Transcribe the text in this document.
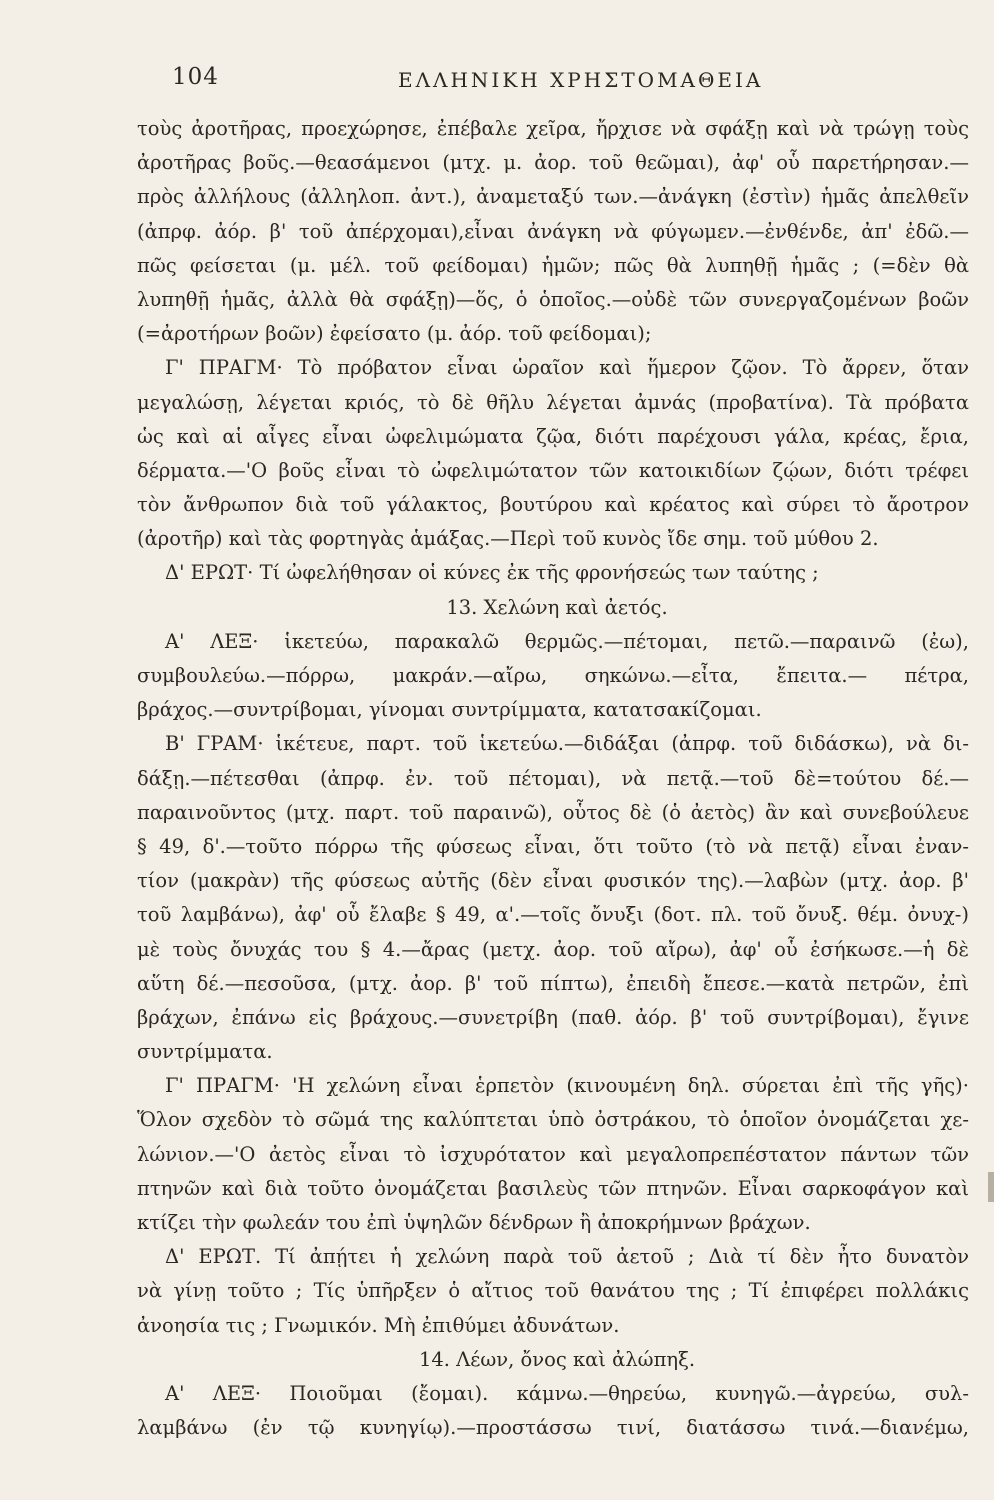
104	ΕΛΛΗΝΙΚΗ ΧΡΗΣΤΟΜΑΘΕΙΑ
τοὺς ἀροτῆρας, προεχώρησε, ἐπέβαλε χεῖρα, ἤρχισε νὰ σφάξῃ καὶ νὰ τρώγῃ τοὺς
ἀροτῆρας βοῦς.—θεασάμενοι (μτχ. μ. ἀορ. τοῦ θεῶμαι), ἀφ' οὗ παρετήρησαν.—
πρὸς ἀλλήλους (ἀλληλοπ. ἀντ.), ἀναμεταξύ των.—ἀνάγκη (ἐστὶν) ἡμᾶς ἀπελθεῖν
(ἀπρφ. ἀόρ. β' τοῦ ἀπέρχομαι),εἶναι ἀνάγκη νὰ φύγωμεν.—ἐνθένδε, ἀπ' ἐδῶ.—
πῶς φείσεται (μ. μέλ. τοῦ φείδομαι) ἡμῶν; πῶς θὰ λυπηθῇ ἡμᾶς ; (=δὲν θὰ
λυπηθῇ ἡμᾶς, ἀλλὰ θὰ σφάξῃ)—ὅς, ὁ ὁποῖος.—οὐδὲ τῶν συνεργαζομένων βοῶν
(=ἀροτήρων βοῶν) ἐφείσατο (μ. ἀόρ. τοῦ φείδομαι);
Γ' ΠΡΑΓΜ· Τὸ πρόβατον εἶναι ὡραῖον καὶ ἥμερον ζῷον. Τὸ ἄρρεν, ὅταν
μεγαλώσῃ, λέγεται κριός, τὸ δὲ θῆλυ λέγεται ἀμνάς (προβατίνα). Τὰ πρόβατα
ὡς καὶ αἱ αἶγες εἶναι ὠφελιμώματα ζῷα, διότι παρέχουσι γάλα, κρέας, ἔρια,
δέρματα.—'Ο βοῦς εἶναι τὸ ὠφελιμώτατον τῶν κατοικιδίων ζῴων, διότι τρέφει
τὸν ἄνθρωπον διὰ τοῦ γάλακτος, βουτύρου καὶ κρέατος καὶ σύρει τὸ ἄροτρον
(ἀροτῆρ) καὶ τὰς φορτηγὰς ἁμάξας.—Περὶ τοῦ κυνὸς ἴδε σημ. τοῦ μύθου 2.
Δ' ΕΡΩΤ· Τί ὠφελήθησαν οἱ κύνες ἐκ τῆς φρονήσεώς των ταύτης ;
13. Χελώνη καὶ ἀετός.
Α' ΛΕΞ· ἱκετεύω, παρακαλῶ θερμῶς.—πέτομαι, πετῶ.—παραινῶ (ἐω),
συμβουλεύω.—πόρρω, μακράν.—αἴρω, σηκώνω.—εἶτα, ἔπειτα.— πέτρα,
βράχος.—συντρίβομαι, γίνομαι συντρίμματα, κατατσακίζομαι.
Β' ΓΡΑΜ· ἱκέτευε, παρτ. τοῦ ἱκετεύω.—διδάξαι (ἀπρφ. τοῦ διδάσκω), νὰ δι-
δάξῃ.—πέτεσθαι (ἀπρφ. ἐν. τοῦ πέτομαι), νὰ πετᾷ.—τοῦ δὲ=τούτου δέ.—
παραινοῦντος (μτχ. παρτ. τοῦ παραινῶ), οὗτος δὲ (ὁ ἀετὸς) ἂν καὶ συνεβούλευε
§ 49, δ'.—τοῦτο πόρρω τῆς φύσεως εἶναι, ὅτι τοῦτο (τὸ νὰ πετᾷ) εἶναι ἐναν-
τίον (μακρὰν) τῆς φύσεως αὐτῆς (δὲν εἶναι φυσικόν της).—λαβὼν (μτχ. ἀορ. β'
τοῦ λαμβάνω), ἀφ' οὗ ἔλαβε § 49, α'.—τοῖς ὄνυξι (δοτ. πλ. τοῦ ὄνυξ. θέμ. ὀνυχ-)
μὲ τοὺς ὄνυχάς του § 4.—ἄρας (μετχ. ἀορ. τοῦ αἴρω), ἀφ' οὗ ἐσήκωσε.—ἡ δὲ
αὕτη δέ.—πεσοῦσα, (μτχ. ἀορ. β' τοῦ πίπτω), ἐπειδὴ ἔπεσε.—κατὰ πετρῶν, ἐπὶ
βράχων, ἐπάνω εἰς βράχους.—συνετρίβη (παθ. ἀόρ. β' τοῦ συντρίβομαι), ἔγινε
συντρίμματα.
Γ' ΠΡΑΓΜ· 'Η χελώνη εἶναι ἑρπετὸν (κινουμένη δηλ. σύρεται ἐπὶ τῆς γῆς)·
Ὅλον σχεδὸν τὸ σῶμά της καλύπτεται ὑπὸ ὀστράκου, τὸ ὁποῖον ὀνομάζεται χε-
λώνιον.—'Ο ἀετὸς εἶναι τὸ ἰσχυρότατον καὶ μεγαλοπρεπέστατον πάντων τῶν
πτηνῶν καὶ διὰ τοῦτο ὀνομάζεται βασιλεὺς τῶν πτηνῶν. Εἶναι σαρκοφάγον καὶ
κτίζει τὴν φωλεάν του ἐπὶ ὑψηλῶν δένδρων ἢ ἀποκρήμνων βράχων.
Δ' ΕΡΩΤ. Τί ἀπῄτει ἡ χελώνη παρὰ τοῦ ἀετοῦ ; Διὰ τί δὲν ἦτο δυνατὸν
νὰ γίνῃ τοῦτο ; Τίς ὑπῆρξεν ὁ αἴτιος τοῦ θανάτου της ; Τί ἐπιφέρει πολλάκις
ἀνοησία τις ; Γνωμικόν. Μὴ ἐπιθύμει ἀδυνάτων.
14. Λέων, ὄνος καὶ ἀλώπηξ.
Α' ΛΕΞ· Ποιοῦμαι (ἔομαι). κάμνω.—θηρεύω, κυνηγῶ.—ἀγρεύω, συλ-
λαμβάνω (ἐν τῷ κυνηγίῳ).—προστάσσω τινί, διατάσσω τινά.—διανέμω,
